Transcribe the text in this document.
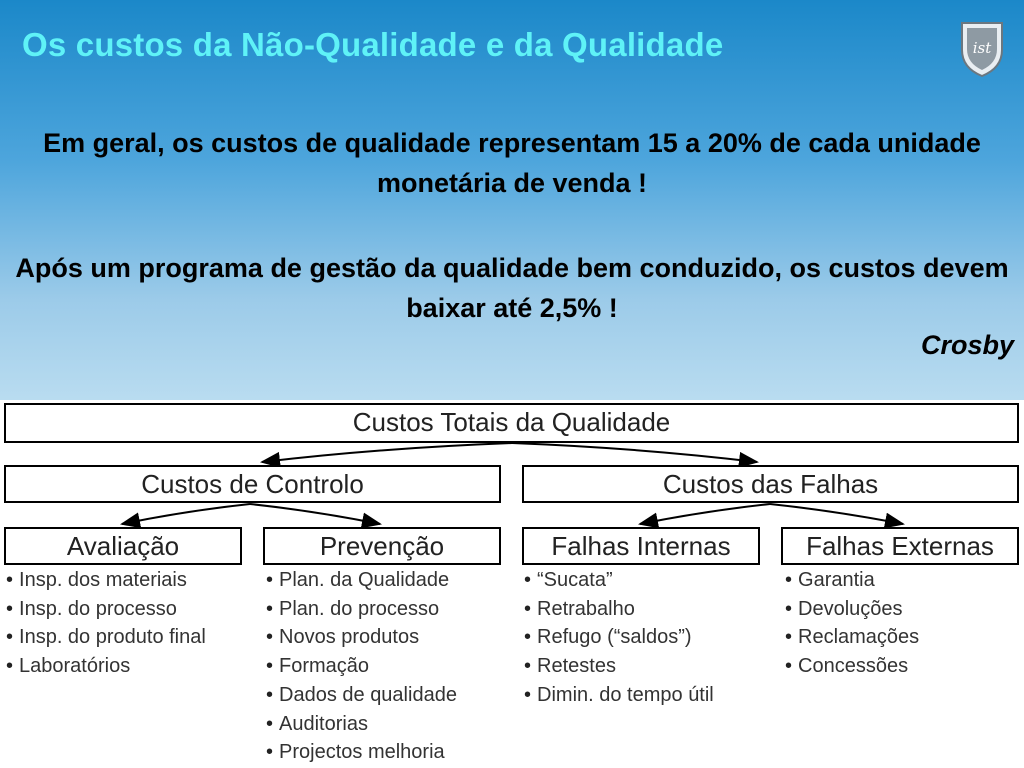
Os custos da Não-Qualidade e da Qualidade	ist
Em geral, os custos de qualidade representam 15 a 20% de cada unidade monetária de venda !
Após um programa de gestão da qualidade bem conduzido, os custos devem baixar até 2,5% !
Crosby
Custos Totais da Qualidade
Custos de Controlo	Custos das Falhas
Avaliação	Prevenção	Falhas Internas	Falhas Externas
• Insp. dos materiais
• Insp. do processo
• Insp. do produto final
• Laboratórios
• Plan. da Qualidade
• Plan. do processo
• Novos produtos
• Formação
• Dados de qualidade
• Auditorias
• Projectos melhoria
• “Sucata”
• Retrabalho
• Refugo (“saldos”)
• Retestes
• Dimin. do tempo útil
• Garantia
• Devoluções
• Reclamações
• Concessões
